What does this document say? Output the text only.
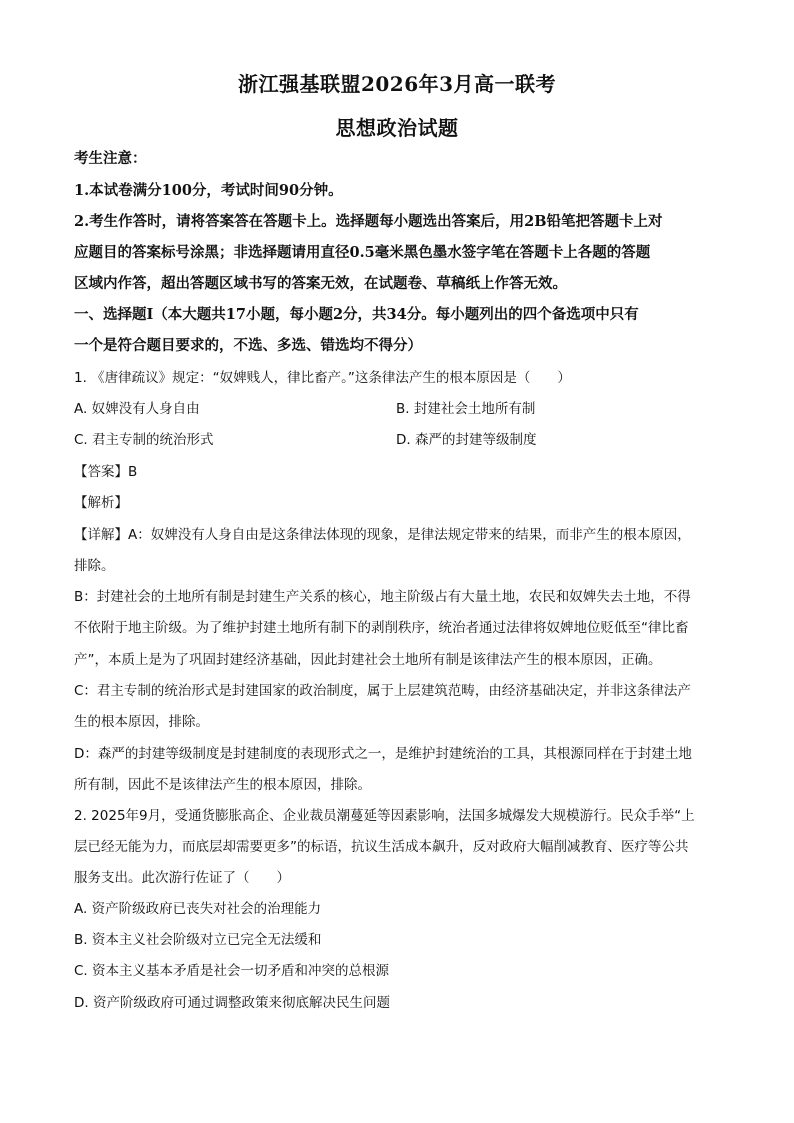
浙江强基联盟2026年3月高一联考
思想政治试题
考生注意：
1.本试卷满分100分，考试时间90分钟。
2.考生作答时，请将答案答在答题卡上。选择题每小题选出答案后，用2B铅笔把答题卡上对
应题目的答案标号涂黑；非选择题请用直径0.5毫米黑色墨水签字笔在答题卡上各题的答题
区域内作答，超出答题区域书写的答案无效，在试题卷、草稿纸上作答无效。
一、选择题Ⅰ（本大题共17小题，每小题2分，共34分。每小题列出的四个备选项中只有
一个是符合题目要求的，不选、多选、错选均不得分）
1. 《唐律疏议》规定：“奴婢贱人，律比畜产。”这条律法产生的根本原因是（　　）
A. 奴婢没有人身自由	B. 封建社会土地所有制
C. 君主专制的统治形式	D. 森严的封建等级制度
【答案】B
【解析】
【详解】A：奴婢没有人身自由是这条律法体现的现象，是律法规定带来的结果，而非产生的根本原因，
排除。
B：封建社会的土地所有制是封建生产关系的核心，地主阶级占有大量土地，农民和奴婢失去土地，不得
不依附于地主阶级。为了维护封建土地所有制下的剥削秩序，统治者通过法律将奴婢地位贬低至“律比畜
产”，本质上是为了巩固封建经济基础，因此封建社会土地所有制是该律法产生的根本原因，正确。
C：君主专制的统治形式是封建国家的政治制度，属于上层建筑范畴，由经济基础决定，并非这条律法产
生的根本原因，排除。
D：森严的封建等级制度是封建制度的表现形式之一，是维护封建统治的工具，其根源同样在于封建土地
所有制，因此不是该律法产生的根本原因，排除。
2. 2025年9月，受通货膨胀高企、企业裁员潮蔓延等因素影响，法国多城爆发大规模游行。民众手举“上
层已经无能为力，而底层却需要更多”的标语，抗议生活成本飙升，反对政府大幅削减教育、医疗等公共
服务支出。此次游行佐证了（　　）
A. 资产阶级政府已丧失对社会的治理能力
B. 资本主义社会阶级对立已完全无法缓和
C. 资本主义基本矛盾是社会一切矛盾和冲突的总根源
D. 资产阶级政府可通过调整政策来彻底解决民生问题
